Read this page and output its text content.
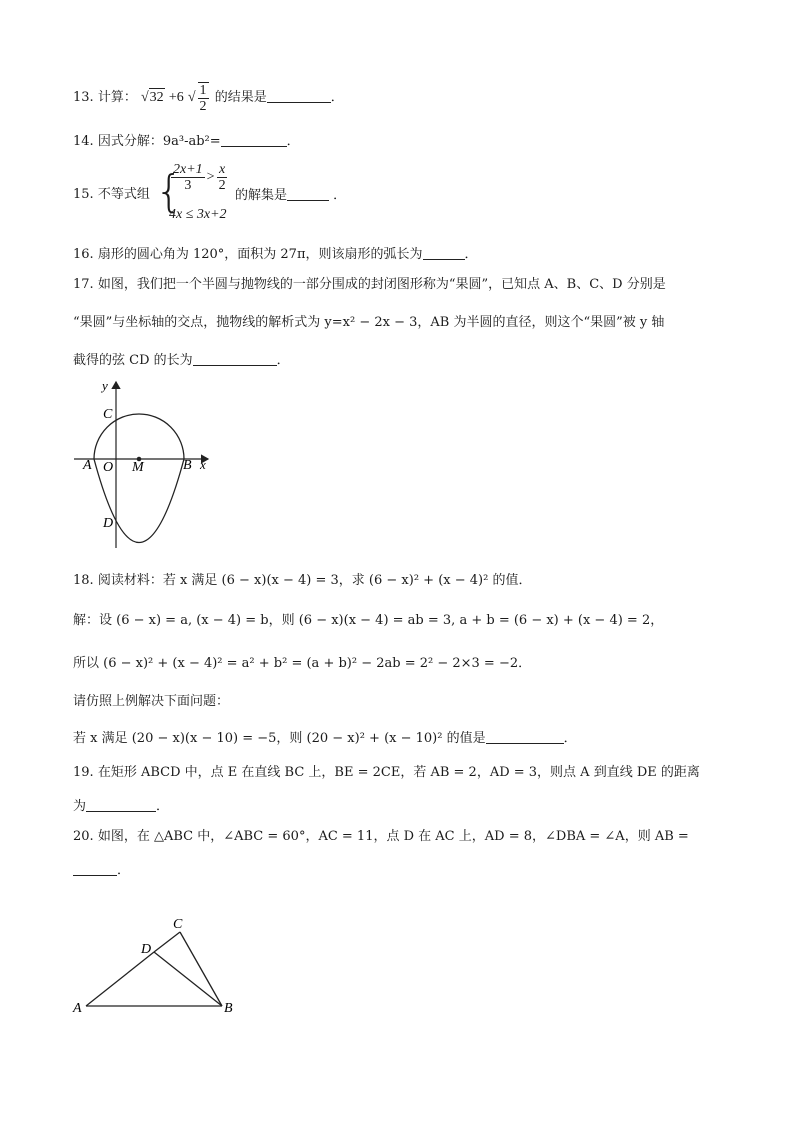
13. 计算： √32 +6 √ $\frac{1}{2}$ 的结果是	．
14. 因式分解：9a³-ab²=	．
15. 不等式组 {
$\frac{2x+1}{3} > \frac{x}{2}$
4x ≤ 3x+2
的解集是	．
16. 扇形的圆心角为 120°，面积为 27π，则该扇形的弧长为	．
17. 如图，我们把一个半圆与抛物线的一部分围成的封闭图形称为“果圆”，已知点 A、B、C、D 分别是
“果圆”与坐标轴的交点，抛物线的解析式为 y=x² − 2x − 3，AB 为半圆的直径，则这个“果圆”被 y 轴
截得的弦 CD 的长为	．
y
x
C
A O M	B
D
18. 阅读材料：若 x 满足 (6 − x)(x − 4) = 3，求 (6 − x)² + (x − 4)² 的值．
解：设 (6 − x) = a, (x − 4) = b，则 (6 − x)(x − 4) = ab = 3, a + b = (6 − x) + (x − 4) = 2，
所以 (6 − x)² + (x − 4)² = a² + b² = (a + b)² − 2ab = 2² − 2×3 = −2．
请仿照上例解决下面问题：
若 x 满足 (20 − x)(x − 10) = −5，则 (20 − x)² + (x − 10)² 的值是	．
19. 在矩形 ABCD 中，点 E 在直线 BC 上，BE = 2CE，若 AB = 2，AD = 3，则点 A 到直线 DE 的距离
为	．
20. 如图，在 △ABC 中，∠ABC = 60°，AC = 11，点 D 在 AC 上，AD = 8，∠DBA = ∠A，则 AB =
．
C
D
A	B
